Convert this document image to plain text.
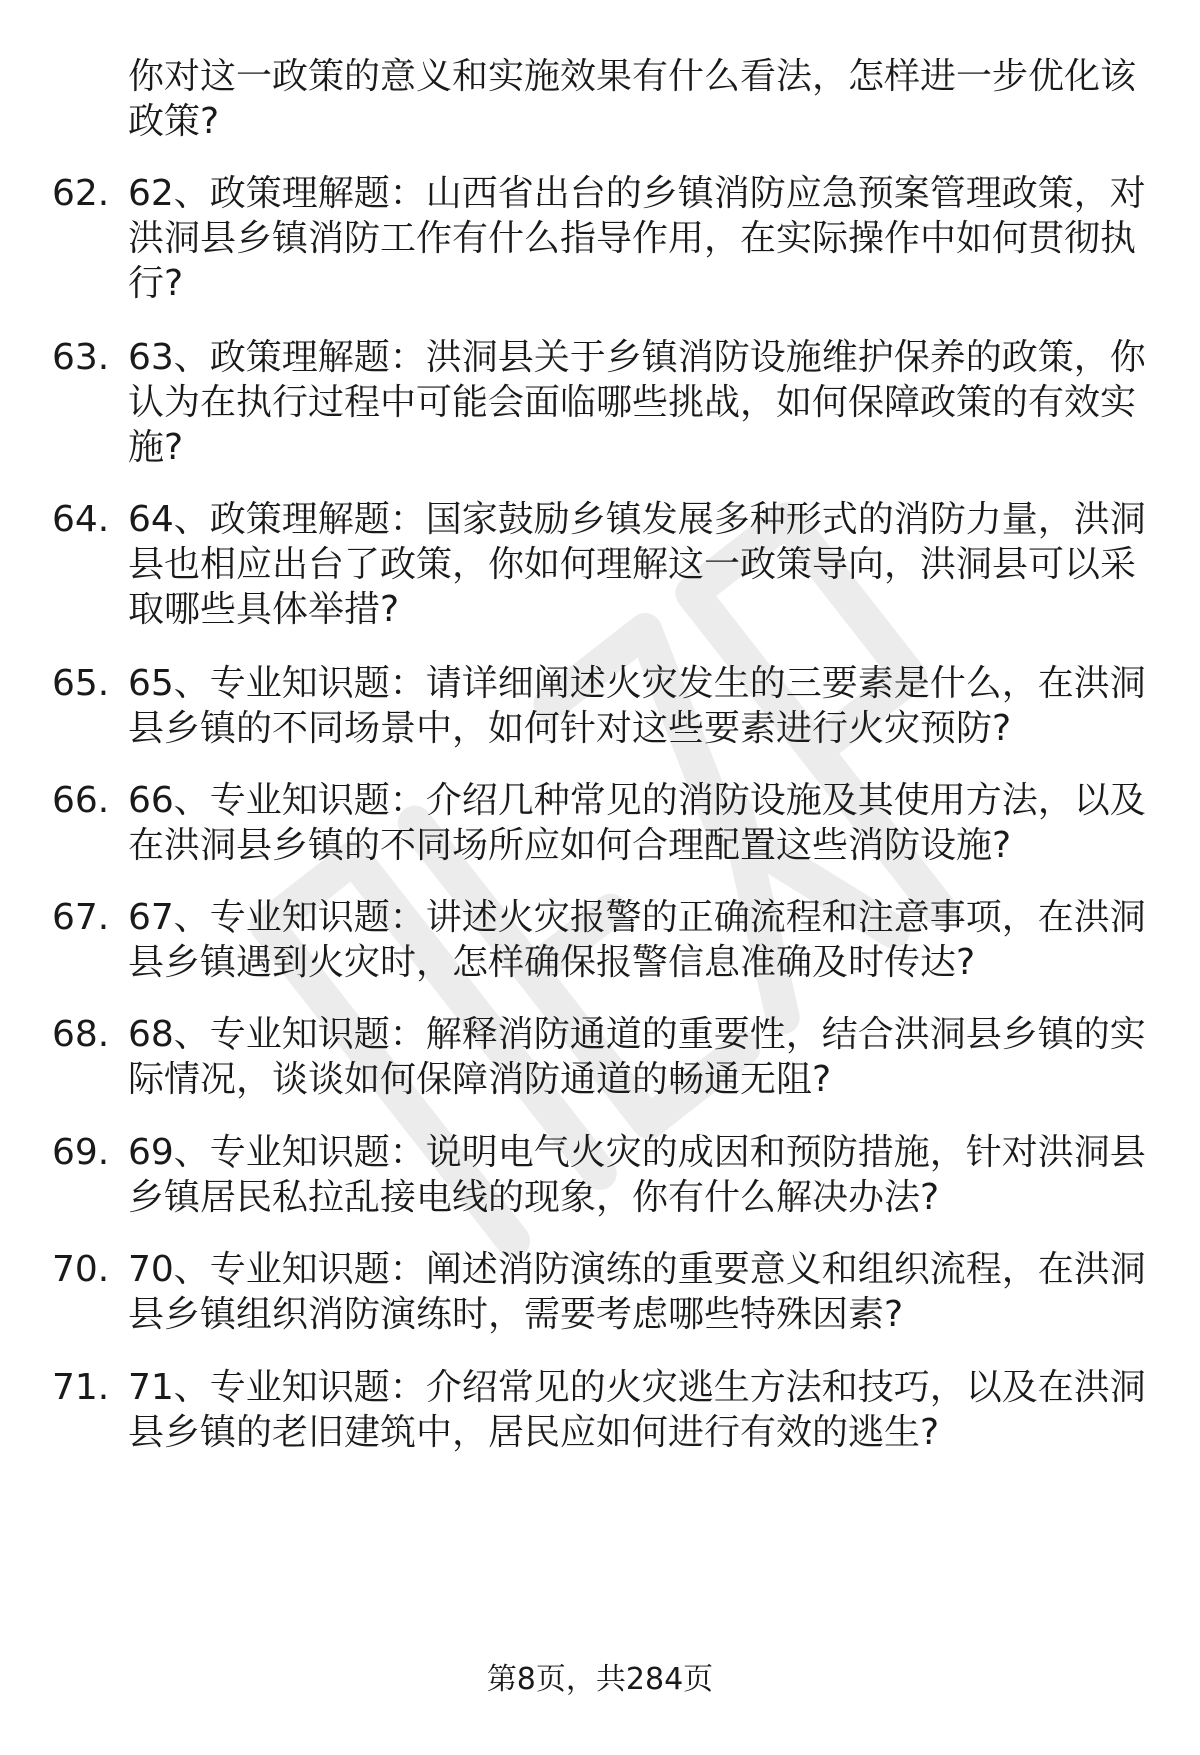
你对这一政策的意义和实施效果有什么看法，怎样进一步优化该
政策?
62. 62、政策理解题：山西省出台的乡镇消防应急预案管理政策，对
洪洞县乡镇消防工作有什么指导作用，在实际操作中如何贯彻执
行?
63. 63、政策理解题：洪洞县关于乡镇消防设施维护保养的政策，你
认为在执行过程中可能会面临哪些挑战，如何保障政策的有效实
施?
64. 64、政策理解题：国家鼓励乡镇发展多种形式的消防力量，洪洞
县也相应出台了政策，你如何理解这一政策导向，洪洞县可以采
取哪些具体举措?
65. 65、专业知识题：请详细阐述火灾发生的三要素是什么，在洪洞
县乡镇的不同场景中，如何针对这些要素进行火灾预防?
66. 66、专业知识题：介绍几种常见的消防设施及其使用方法，以及
在洪洞县乡镇的不同场所应如何合理配置这些消防设施?
67. 67、专业知识题：讲述火灾报警的正确流程和注意事项，在洪洞
县乡镇遇到火灾时，怎样确保报警信息准确及时传达?
68. 68、专业知识题：解释消防通道的重要性，结合洪洞县乡镇的实
际情况，谈谈如何保障消防通道的畅通无阻?
69. 69、专业知识题：说明电气火灾的成因和预防措施，针对洪洞县
乡镇居民私拉乱接电线的现象，你有什么解决办法?
70. 70、专业知识题：阐述消防演练的重要意义和组织流程，在洪洞
县乡镇组织消防演练时，需要考虑哪些特殊因素?
71. 71、专业知识题：介绍常见的火灾逃生方法和技巧，以及在洪洞
县乡镇的老旧建筑中，居民应如何进行有效的逃生?
第8页，共284页
